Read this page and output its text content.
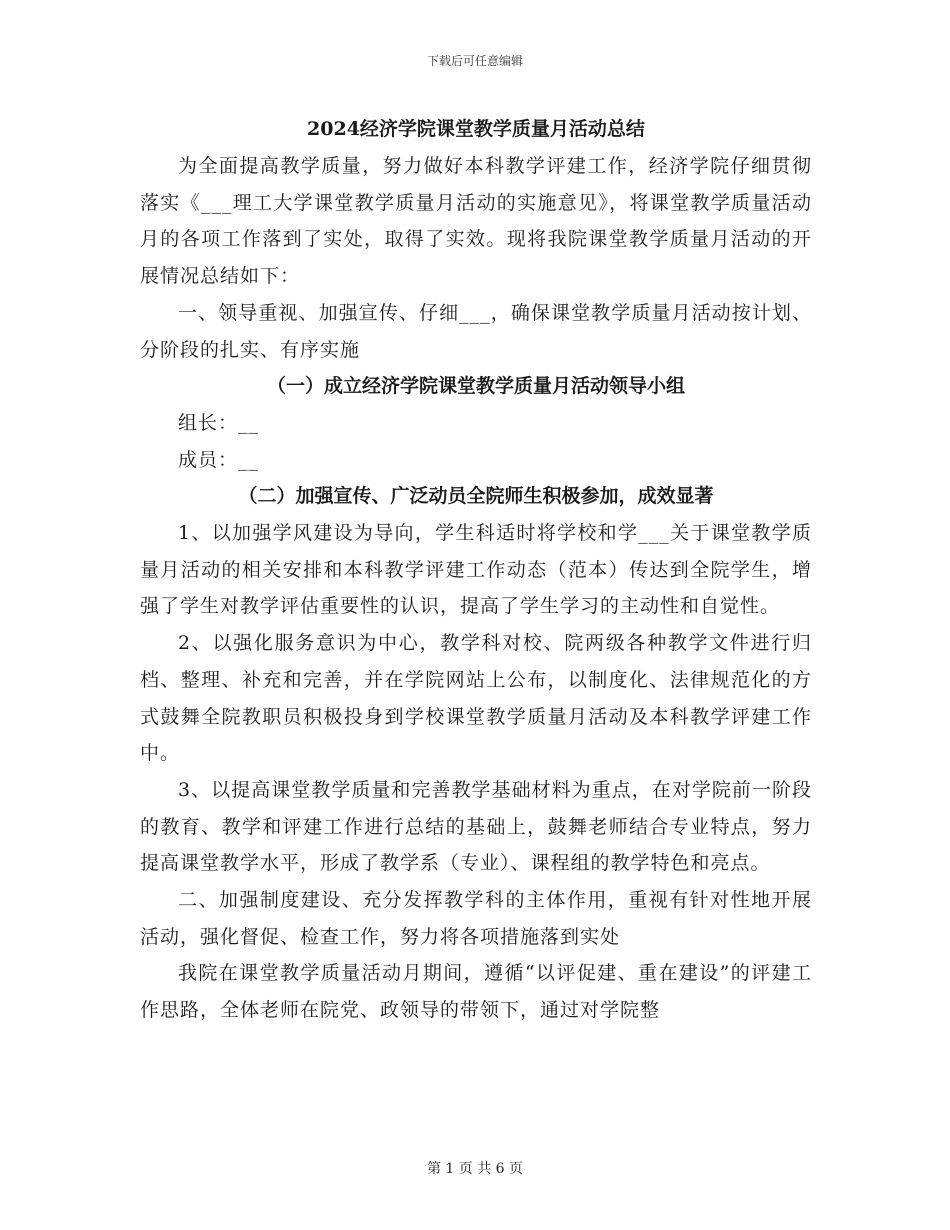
下载后可任意编辑
2024经济学院课堂教学质量月活动总结

为全面提高教学质量，努力做好本科教学评建工作，经济学院仔细贯彻落实《___理工大学课堂教学质量月活动的实施意见》，将课堂教学质量活动月的各项工作落到了实处，取得了实效。现将我院课堂教学质量月活动的开展情况总结如下：

一、领导重视、加强宣传、仔细___，确保课堂教学质量月活动按计划、分阶段的扎实、有序实施

（一）成立经济学院课堂教学质量月活动领导小组

组长：__

成员：__

（二）加强宣传、广泛动员全院师生积极参加，成效显著

1、以加强学风建设为导向，学生科适时将学校和学___关于课堂教学质量月活动的相关安排和本科教学评建工作动态（范本）传达到全院学生，增强了学生对教学评估重要性的认识，提高了学生学习的主动性和自觉性。

2、以强化服务意识为中心，教学科对校、院两级各种教学文件进行归档、整理、补充和完善，并在学院网站上公布，以制度化、法律规范化的方式鼓舞全院教职员积极投身到学校课堂教学质量月活动及本科教学评建工作中。

3、以提高课堂教学质量和完善教学基础材料为重点，在对学院前一阶段的教育、教学和评建工作进行总结的基础上，鼓舞老师结合专业特点，努力提高课堂教学水平，形成了教学系（专业）、课程组的教学特色和亮点。

二、加强制度建设、充分发挥教学科的主体作用，重视有针对性地开展活动，强化督促、检查工作，努力将各项措施落到实处

我院在课堂教学质量活动月期间，遵循“以评促建、重在建设”的评建工作思路，全体老师在院党、政领导的带领下，通过对学院整

第 1 页 共 6 页
